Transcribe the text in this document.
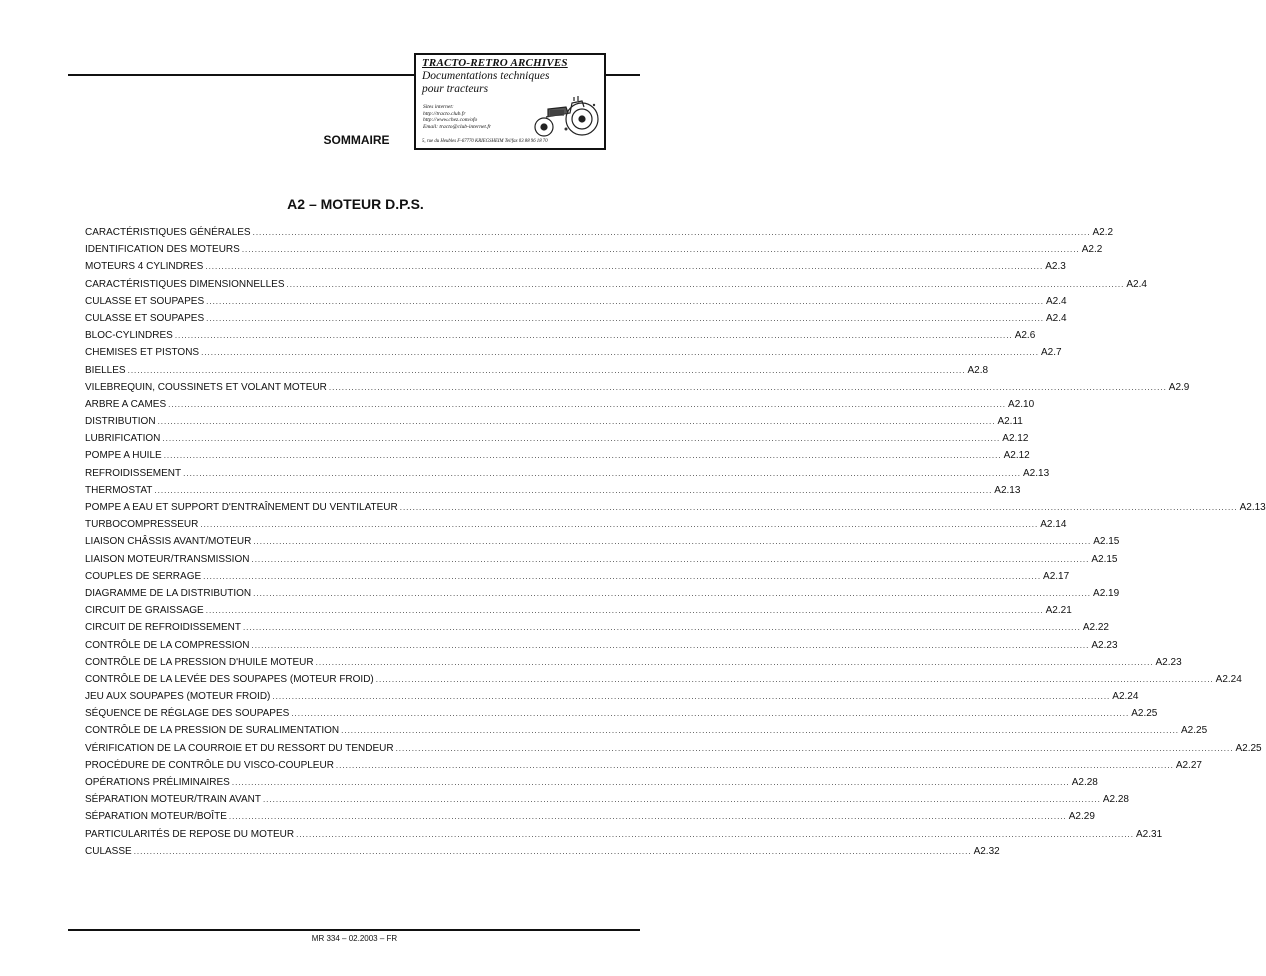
TRACTO-RETRO ARCHIVES
Documentations techniques
pour tracteurs
Sites internet:
http://tracto.club.fr
http://www.chez.com/ofo
Email: tracto@club-internet.fr
5, rue du Heubles F-67770 KRIEGSHEIM Tel/fax 03 88 96 18 70
SOMMAIRE
A2 – MOTEUR D.P.S.
CARACTÉRISTIQUES GÉNÉRALES .................................................................................................................................................................................................................................................................... A2.2
IDENTIFICATION DES MOTEURS .................................................................................................................................................................................................................................................................... A2.2
MOTEURS 4 CYLINDRES .................................................................................................................................................................................................................................................................... A2.3
CARACTÉRISTIQUES DIMENSIONNELLES .................................................................................................................................................................................................................................................................... A2.4
CULASSE ET SOUPAPES .................................................................................................................................................................................................................................................................... A2.4
CULASSE ET SOUPAPES .................................................................................................................................................................................................................................................................... A2.4
BLOC-CYLINDRES .................................................................................................................................................................................................................................................................... A2.6
CHEMISES ET PISTONS .................................................................................................................................................................................................................................................................... A2.7
BIELLES .................................................................................................................................................................................................................................................................... A2.8
VILEBREQUIN, COUSSINETS ET VOLANT MOTEUR .................................................................................................................................................................................................................................................................... A2.9
ARBRE A CAMES .................................................................................................................................................................................................................................................................... A2.10
DISTRIBUTION .................................................................................................................................................................................................................................................................... A2.11
LUBRIFICATION .................................................................................................................................................................................................................................................................... A2.12
POMPE A HUILE .................................................................................................................................................................................................................................................................... A2.12
REFROIDISSEMENT .................................................................................................................................................................................................................................................................... A2.13
THERMOSTAT .................................................................................................................................................................................................................................................................... A2.13
POMPE A EAU ET SUPPORT D'ENTRAÎNEMENT DU VENTILATEUR .................................................................................................................................................................................................................................................................... A2.13
TURBOCOMPRESSEUR .................................................................................................................................................................................................................................................................... A2.14
LIAISON CHÂSSIS AVANT/MOTEUR .................................................................................................................................................................................................................................................................... A2.15
LIAISON MOTEUR/TRANSMISSION .................................................................................................................................................................................................................................................................... A2.15
COUPLES DE SERRAGE .................................................................................................................................................................................................................................................................... A2.17
DIAGRAMME DE LA DISTRIBUTION .................................................................................................................................................................................................................................................................... A2.19
CIRCUIT DE GRAISSAGE .................................................................................................................................................................................................................................................................... A2.21
CIRCUIT DE REFROIDISSEMENT .................................................................................................................................................................................................................................................................... A2.22
CONTRÔLE DE LA COMPRESSION .................................................................................................................................................................................................................................................................... A2.23
CONTRÔLE DE LA PRESSION D'HUILE MOTEUR .................................................................................................................................................................................................................................................................... A2.23
CONTRÔLE DE LA LEVÉE DES SOUPAPES (MOTEUR FROID) .................................................................................................................................................................................................................................................................... A2.24
JEU AUX SOUPAPES (MOTEUR FROID) .................................................................................................................................................................................................................................................................... A2.24
SÉQUENCE DE RÉGLAGE DES SOUPAPES .................................................................................................................................................................................................................................................................... A2.25
CONTRÔLE DE LA PRESSION DE SURALIMENTATION .................................................................................................................................................................................................................................................................... A2.25
VÉRIFICATION DE LA COURROIE ET DU RESSORT DU TENDEUR .................................................................................................................................................................................................................................................................... A2.25
PROCÉDURE DE CONTRÔLE DU VISCO-COUPLEUR .................................................................................................................................................................................................................................................................... A2.27
OPÉRATIONS PRÉLIMINAIRES .................................................................................................................................................................................................................................................................... A2.28
SÉPARATION MOTEUR/TRAIN AVANT .................................................................................................................................................................................................................................................................... A2.28
SÉPARATION MOTEUR/BOÎTE .................................................................................................................................................................................................................................................................... A2.29
PARTICULARITÉS DE REPOSE DU MOTEUR .................................................................................................................................................................................................................................................................... A2.31
CULASSE .................................................................................................................................................................................................................................................................... A2.32
MR 334 – 02.2003 – FR
